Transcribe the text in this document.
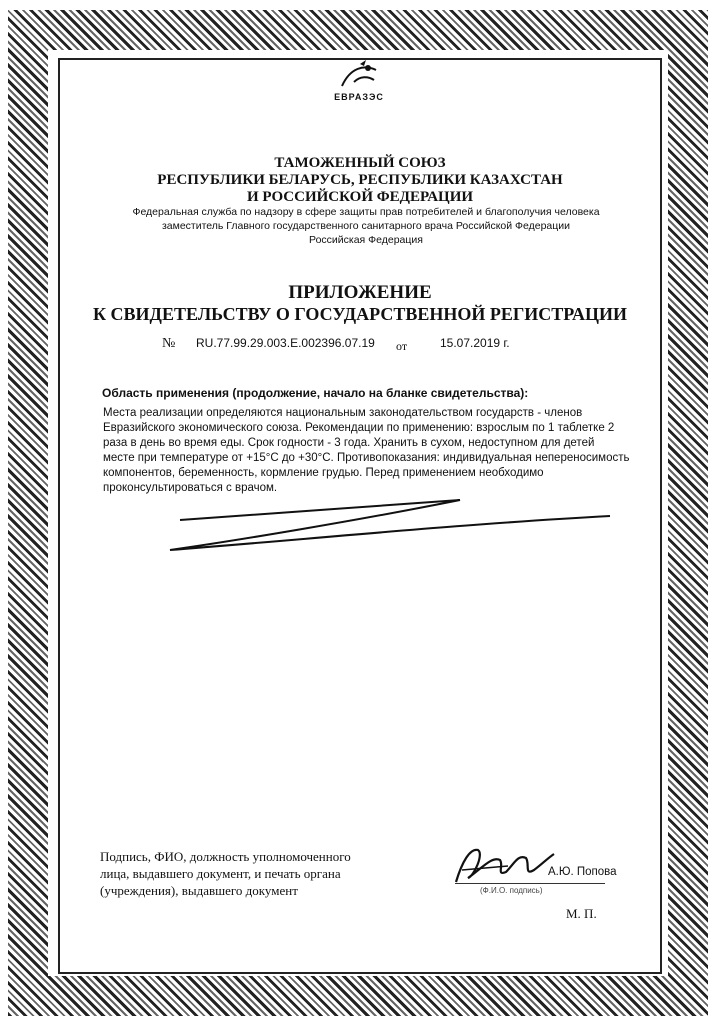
ЕВРАЗЭС
ТАМОЖЕННЫЙ СОЮЗ
РЕСПУБЛИКИ БЕЛАРУСЬ, РЕСПУБЛИКИ КАЗАХСТАН
И РОССИЙСКОЙ ФЕДЕРАЦИИ
Федеральная служба по надзору в сфере защиты прав потребителей и благополучия человека
заместитель Главного государственного санитарного врача Российской Федерации
Российская Федерация
ПРИЛОЖЕНИЕ
К СВИДЕТЕЛЬСТВУ О ГОСУДАРСТВЕННОЙ РЕГИСТРАЦИИ
№ RU.77.99.29.003.E.002396.07.19 от	15.07.2019 г.
Область применения (продолжение, начало на бланке свидетельства):
Места реализации определяются национальным законодательством государств - членов
Евразийского экономического союза. Рекомендации по применению: взрослым по 1 таблетке 2
раза в день во время еды. Срок годности - 3 года. Хранить в сухом, недоступном для детей
месте при температуре от +15°С до +30°С. Противопоказания: индивидуальная непереносимость
компонентов, беременность, кормление грудью. Перед применением необходимо
проконсультироваться с врачом.
Подпись, ФИО, должность уполномоченного
лица, выдавшего документ, и печать органа
(учреждения), выдавшего документ
А.Ю. Попова
(Ф.И.О. подпись)
М. П.
